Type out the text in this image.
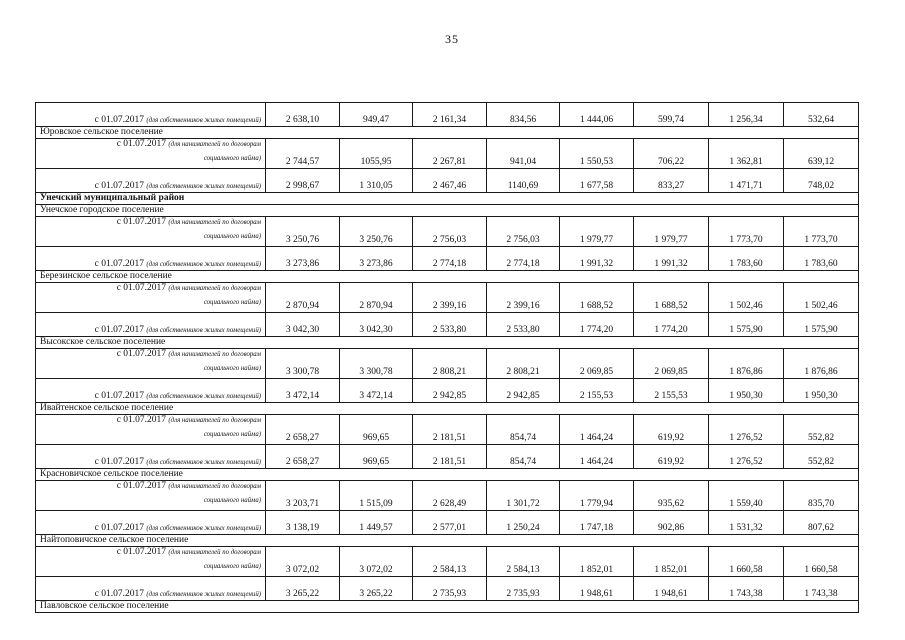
35
с 01.07.2017 (для собственников жилых помещений)	2 638,10	949,47	2 161,34	834,56	1 444,06	599,74	1 256,34	532,64
Юровское сельское поселение								

с 01.07.2017 (для нанимателей по договорам
социального найма)	2 744,57	1055,95	2 267,81	941,04	1 550,53	706,22	1 362,81	639,12
с 01.07.2017 (для собственников жилых помещений)	2 998,67	1 310,05	2 467,46	1140,69	1 677,58	833,27	1 471,71	748,02
Унечский муниципальный район								
Унечское городское поселение								

с 01.07.2017 (для нанимателей по договорам
социального найма)	3 250,76	3 250,76	2 756,03	2 756,03	1 979,77	1 979,77	1 773,70	1 773,70
с 01.07.2017 (для собственников жилых помещений)	3 273,86	3 273,86	2 774,18	2 774,18	1 991,32	1 991,32	1 783,60	1 783,60
Березинское сельское поселение								

с 01.07.2017 (для нанимателей по договорам
социального найма)	2 870,94	2 870,94	2 399,16	2 399,16	1 688,52	1 688,52	1 502,46	1 502,46
с 01.07.2017 (для собственников жилых помещений)	3 042,30	3 042,30	2 533,80	2 533,80	1 774,20	1 774,20	1 575,90	1 575,90
Высокское сельское поселение								

с 01.07.2017 (для нанимателей по договорам
социального найма)	3 300,78	3 300,78	2 808,21	2 808,21	2 069,85	2 069,85	1 876,86	1 876,86
с 01.07.2017 (для собственников жилых помещений)	3 472,14	3 472,14	2 942,85	2 942,85	2 155,53	2 155,53	1 950,30	1 950,30
Ивайтенское сельское поселение								

с 01.07.2017 (для нанимателей по договорам
социального найма)	2 658,27	969,65	2 181,51	854,74	1 464,24	619,92	1 276,52	552,82
с 01.07.2017 (для собственников жилых помещений)	2 658,27	969,65	2 181,51	854,74	1 464,24	619,92	1 276,52	552,82
Красновичское сельское поселение								

с 01.07.2017 (для нанимателей по договорам
социального найма)	3 203,71	1 515,09	2 628,49	1 301,72	1 779,94	935,62	1 559,40	835,70
с 01.07.2017 (для собственников жилых помещений)	3 138,19	1 449,57	2 577,01	1 250,24	1 747,18	902,86	1 531,32	807,62
Найтоповичское сельское поселение								

с 01.07.2017 (для нанимателей по договорам
социального найма)	3 072,02	3 072,02	2 584,13	2 584,13	1 852,01	1 852,01	1 660,58	1 660,58
с 01.07.2017 (для собственников жилых помещений)	3 265,22	3 265,22	2 735,93	2 735,93	1 948,61	1 948,61	1 743,38	1 743,38
Павловское сельское поселение								
